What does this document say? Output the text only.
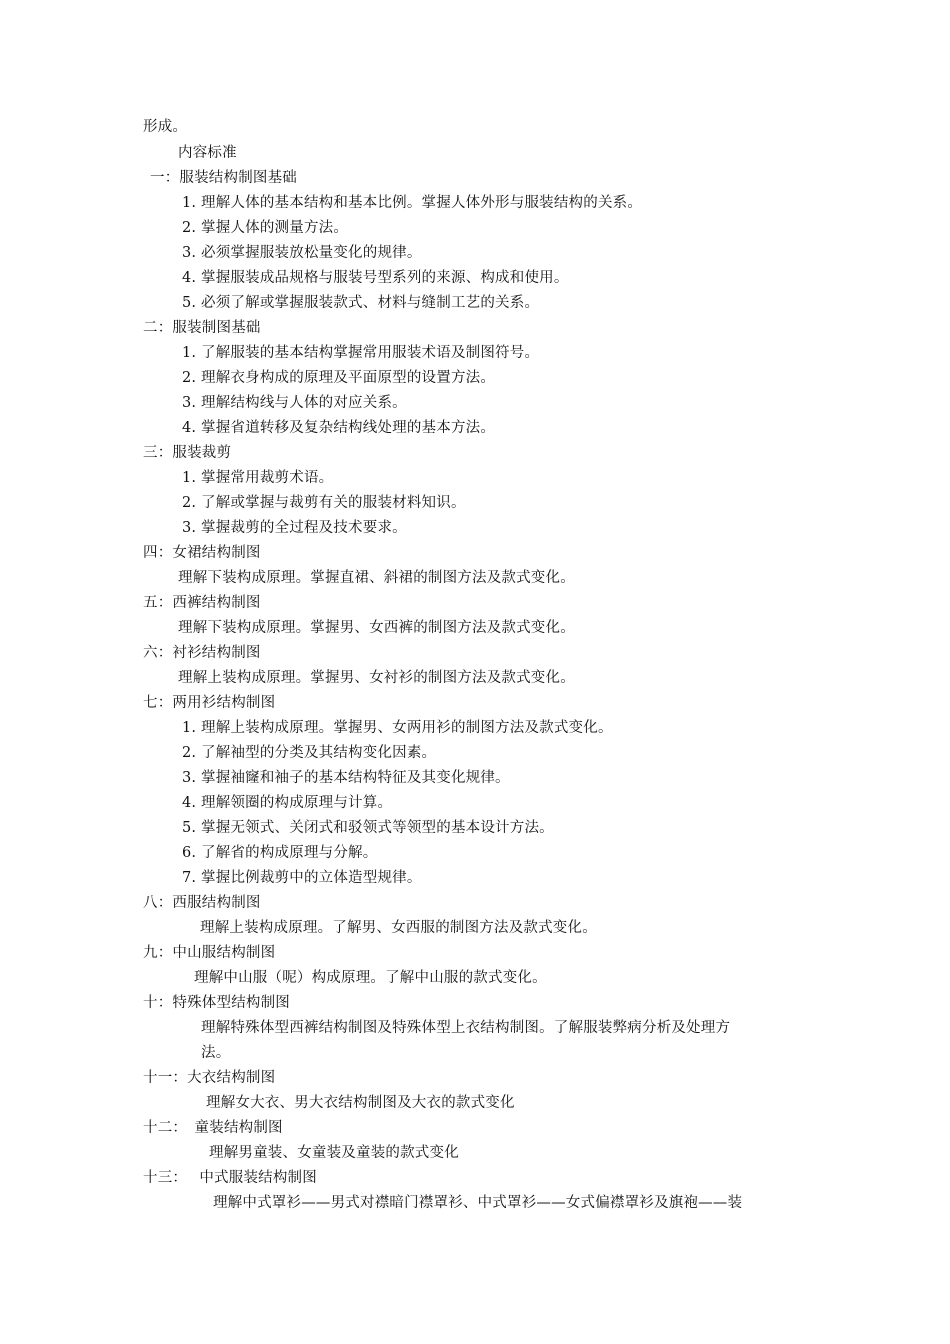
形成。
内容标准
一：服装结构制图基础
1. 理解人体的基本结构和基本比例。掌握人体外形与服装结构的关系。
2. 掌握人体的测量方法。
3. 必须掌握服装放松量变化的规律。
4. 掌握服装成品规格与服装号型系列的来源、构成和使用。
5. 必须了解或掌握服装款式、材料与缝制工艺的关系。
二：服装制图基础
1. 了解服装的基本结构掌握常用服装术语及制图符号。
2. 理解衣身构成的原理及平面原型的设置方法。
3. 理解结构线与人体的对应关系。
4. 掌握省道转移及复杂结构线处理的基本方法。
三：服装裁剪
1. 掌握常用裁剪术语。
2. 了解或掌握与裁剪有关的服装材料知识。
3. 掌握裁剪的全过程及技术要求。
四：女裙结构制图
理解下装构成原理。掌握直裙、斜裙的制图方法及款式变化。
五：西裤结构制图
理解下装构成原理。掌握男、女西裤的制图方法及款式变化。
六：衬衫结构制图
理解上装构成原理。掌握男、女衬衫的制图方法及款式变化。
七：两用衫结构制图
1. 理解上装构成原理。掌握男、女两用衫的制图方法及款式变化。
2. 了解袖型的分类及其结构变化因素。
3. 掌握袖窿和袖子的基本结构特征及其变化规律。
4. 理解领圈的构成原理与计算。
5. 掌握无领式、关闭式和驳领式等领型的基本设计方法。
6. 了解省的构成原理与分解。
7. 掌握比例裁剪中的立体造型规律。
八：西服结构制图
理解上装构成原理。了解男、女西服的制图方法及款式变化。
九：中山服结构制图
理解中山服（呢）构成原理。了解中山服的款式变化。
十：特殊体型结构制图
理解特殊体型西裤结构制图及特殊体型上衣结构制图。了解服装弊病分析及处理方
法。
十一：大衣结构制图
理解女大衣、男大衣结构制图及大衣的款式变化
十二：　童装结构制图
理解男童装、女童装及童装的款式变化
十三：　 中式服装结构制图
理解中式罩衫——男式对襟暗门襟罩衫、中式罩衫——女式偏襟罩衫及旗袍——装
